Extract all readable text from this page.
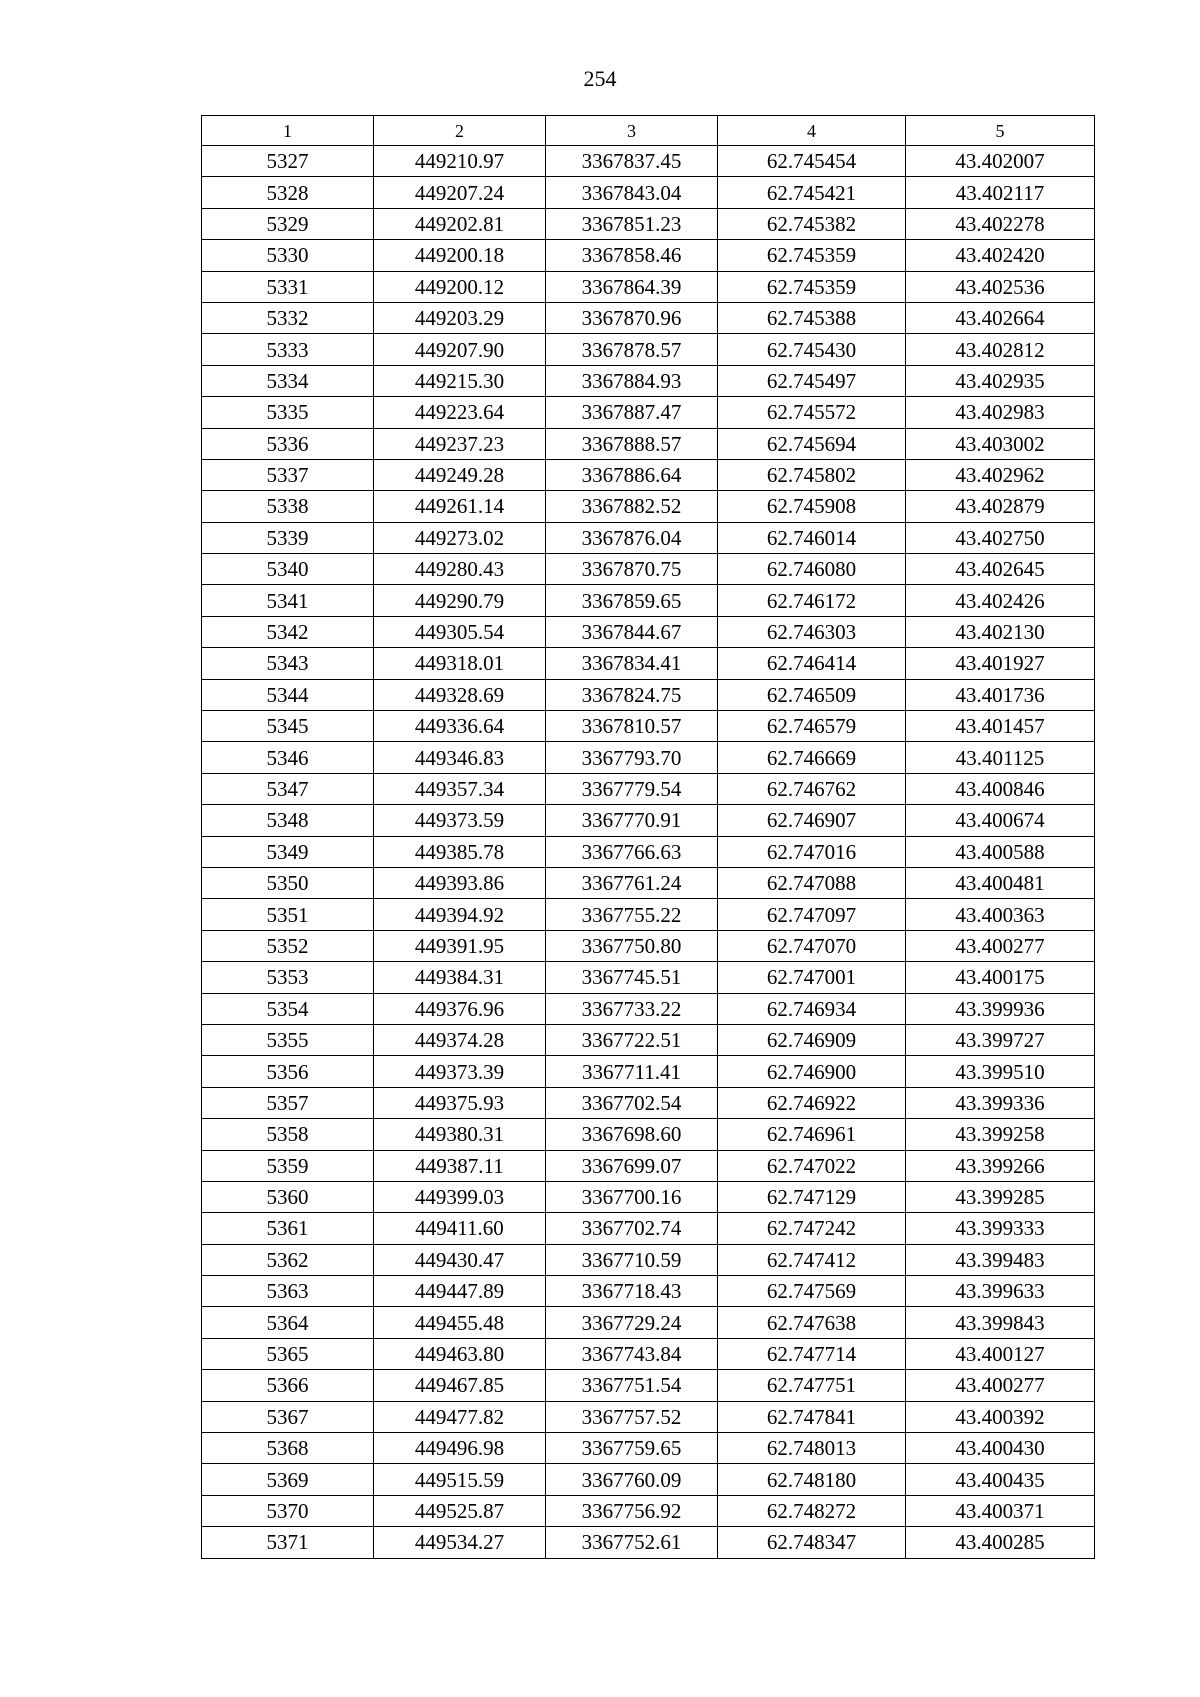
254
1	2	3	4	5
5327	449210.97	3367837.45	62.745454	43.402007
5328	449207.24	3367843.04	62.745421	43.402117
5329	449202.81	3367851.23	62.745382	43.402278
5330	449200.18	3367858.46	62.745359	43.402420
5331	449200.12	3367864.39	62.745359	43.402536
5332	449203.29	3367870.96	62.745388	43.402664
5333	449207.90	3367878.57	62.745430	43.402812
5334	449215.30	3367884.93	62.745497	43.402935
5335	449223.64	3367887.47	62.745572	43.402983
5336	449237.23	3367888.57	62.745694	43.403002
5337	449249.28	3367886.64	62.745802	43.402962
5338	449261.14	3367882.52	62.745908	43.402879
5339	449273.02	3367876.04	62.746014	43.402750
5340	449280.43	3367870.75	62.746080	43.402645
5341	449290.79	3367859.65	62.746172	43.402426
5342	449305.54	3367844.67	62.746303	43.402130
5343	449318.01	3367834.41	62.746414	43.401927
5344	449328.69	3367824.75	62.746509	43.401736
5345	449336.64	3367810.57	62.746579	43.401457
5346	449346.83	3367793.70	62.746669	43.401125
5347	449357.34	3367779.54	62.746762	43.400846
5348	449373.59	3367770.91	62.746907	43.400674
5349	449385.78	3367766.63	62.747016	43.400588
5350	449393.86	3367761.24	62.747088	43.400481
5351	449394.92	3367755.22	62.747097	43.400363
5352	449391.95	3367750.80	62.747070	43.400277
5353	449384.31	3367745.51	62.747001	43.400175
5354	449376.96	3367733.22	62.746934	43.399936
5355	449374.28	3367722.51	62.746909	43.399727
5356	449373.39	3367711.41	62.746900	43.399510
5357	449375.93	3367702.54	62.746922	43.399336
5358	449380.31	3367698.60	62.746961	43.399258
5359	449387.11	3367699.07	62.747022	43.399266
5360	449399.03	3367700.16	62.747129	43.399285
5361	449411.60	3367702.74	62.747242	43.399333
5362	449430.47	3367710.59	62.747412	43.399483
5363	449447.89	3367718.43	62.747569	43.399633
5364	449455.48	3367729.24	62.747638	43.399843
5365	449463.80	3367743.84	62.747714	43.400127
5366	449467.85	3367751.54	62.747751	43.400277
5367	449477.82	3367757.52	62.747841	43.400392
5368	449496.98	3367759.65	62.748013	43.400430
5369	449515.59	3367760.09	62.748180	43.400435
5370	449525.87	3367756.92	62.748272	43.400371
5371	449534.27	3367752.61	62.748347	43.400285
